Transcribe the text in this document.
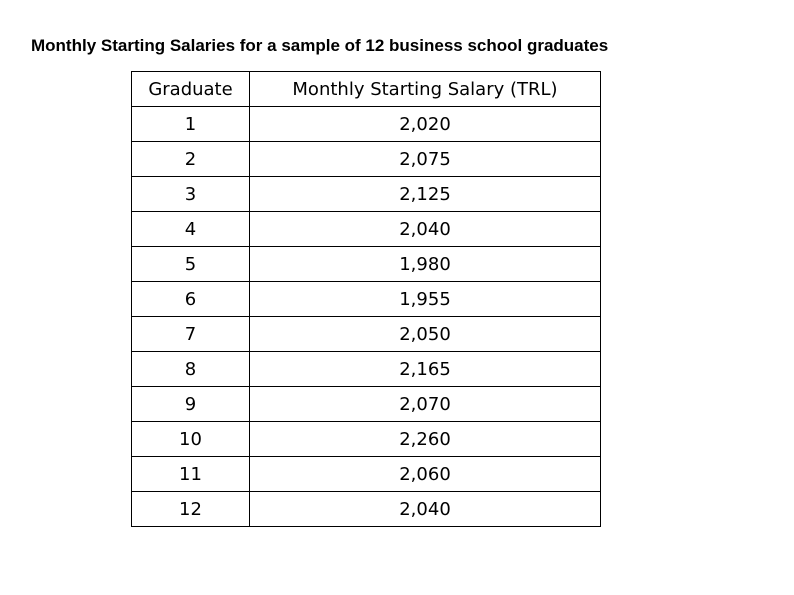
Monthly Starting Salaries for a sample of 12 business school graduates
Graduate	Monthly Starting Salary (TRL)
1	2,020
2	2,075
3	2,125
4	2,040
5	1,980
6	1,955
7	2,050
8	2,165
9	2,070
10	2,260
11	2,060
12	2,040
